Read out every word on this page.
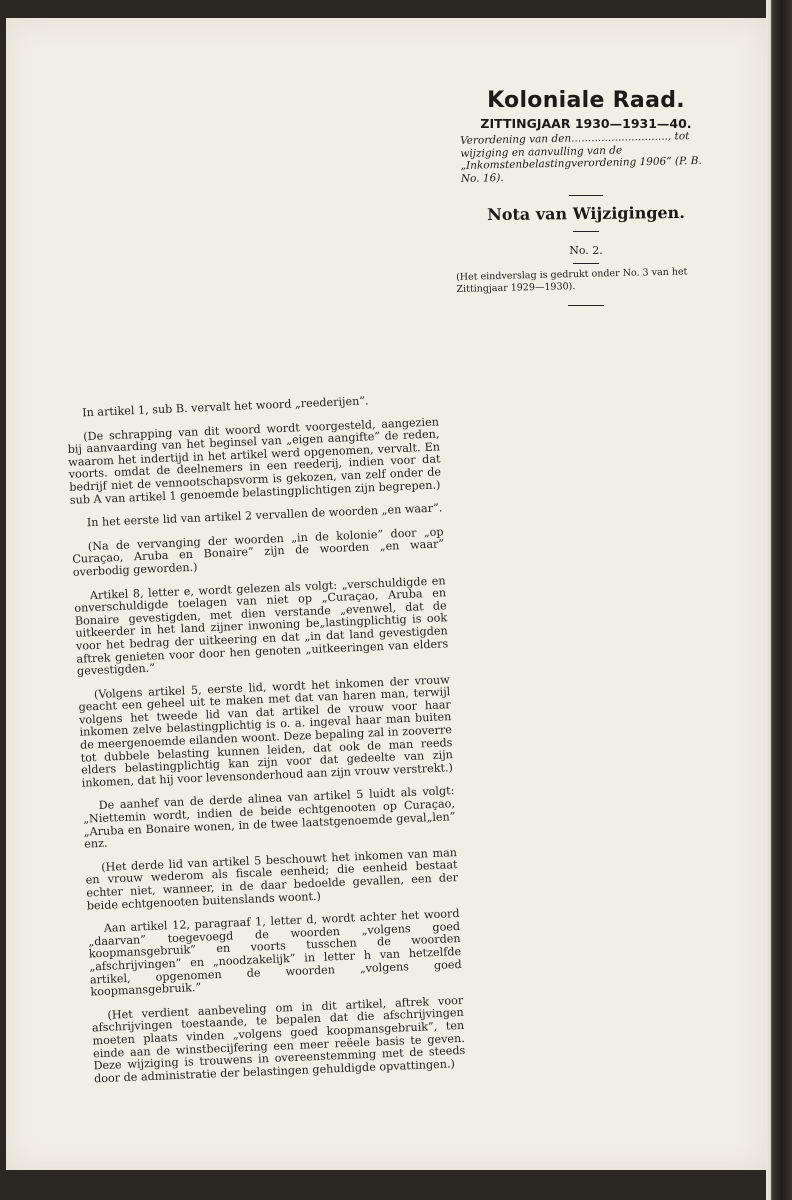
Koloniale Raad.
ZITTINGJAAR 1930—1931—40.
Verordening van den............................., tot wijziging en aanvulling van de „Inkomstenbelastingverordening 1906” (P. B. No. 16).
Nota van Wijzigingen.
No. 2.
(Het eindverslag is gedrukt onder No. 3 van het Zittingjaar 1929—1930).

In artikel 1, sub B. vervalt het woord „reederijen”.

(De schrapping van dit woord wordt voorgesteld, aangezien bij aanvaarding van het beginsel van „eigen aangifte” de reden, waarom het indertijd in het artikel werd opgenomen, vervalt. En voorts. omdat de deelnemers in een reederij, indien voor dat bedrijf niet de vennootschapsvorm is gekozen, van zelf onder de sub A van artikel 1 genoemde belastingplichtigen zijn begrepen.)

In het eerste lid van artikel 2 vervallen de woorden „en waar”.

(Na de vervanging der woorden „in de kolonie” door „op Curaçao, Aruba en Bonaire” zijn de woorden „en waar” overbodig geworden.)

Artikel 8, letter e, wordt gelezen als volgt: „verschuldigde en onverschuldigde toelagen van niet op „Curaçao, Aruba en Bonaire gevestigden, met dien verstande „evenwel, dat de uitkeerder in het land zijner inwoning be„lastingplichtig is ook voor het bedrag der uitkeering en dat „in dat land gevestigden aftrek genieten voor door hen genoten „uitkeeringen van elders gevestigden.”

(Volgens artikel 5, eerste lid, wordt het inkomen der vrouw geacht een geheel uit te maken met dat van haren man, terwijl volgens het tweede lid van dat artikel de vrouw voor haar inkomen zelve belastingplichtig is o. a. ingeval haar man buiten de meergenoemde eilanden woont. Deze bepaling zal in zooverre tot dubbele belasting kunnen leiden, dat ook de man reeds elders belastingplichtig kan zijn voor dat gedeelte van zijn inkomen, dat hij voor levensonderhoud aan zijn vrouw verstrekt.)

De aanhef van de derde alinea van artikel 5 luidt als volgt: „Niettemin wordt, indien de beide echtgenooten op Curaçao, „Aruba en Bonaire wonen, in de twee laatstgenoemde geval„len” enz.

(Het derde lid van artikel 5 beschouwt het inkomen van man en vrouw wederom als fiscale eenheid; die eenheid bestaat echter niet, wanneer, in de daar bedoelde gevallen, een der beide echtgenooten buitenslands woont.)

Aan artikel 12, paragraaf 1, letter d, wordt achter het woord „daarvan” toegevoegd de woorden „volgens goed koopmansgebruik” en voorts tusschen de woorden „afschrijvingen” en „noodzakelijk” in letter h van hetzelfde artikel, opgenomen de woorden „volgens goed koopmansgebruik.”

(Het verdient aanbeveling om in dit artikel, aftrek voor afschrijvingen toestaande, te bepalen dat die afschrijvingen moeten plaats vinden „volgens goed koopmansgebruik”, ten einde aan de winstbecijfering een meer reëele basis te geven. Deze wijziging is trouwens in overeenstemming met de steeds door de administratie der belastingen gehuldigde opvattingen.)
